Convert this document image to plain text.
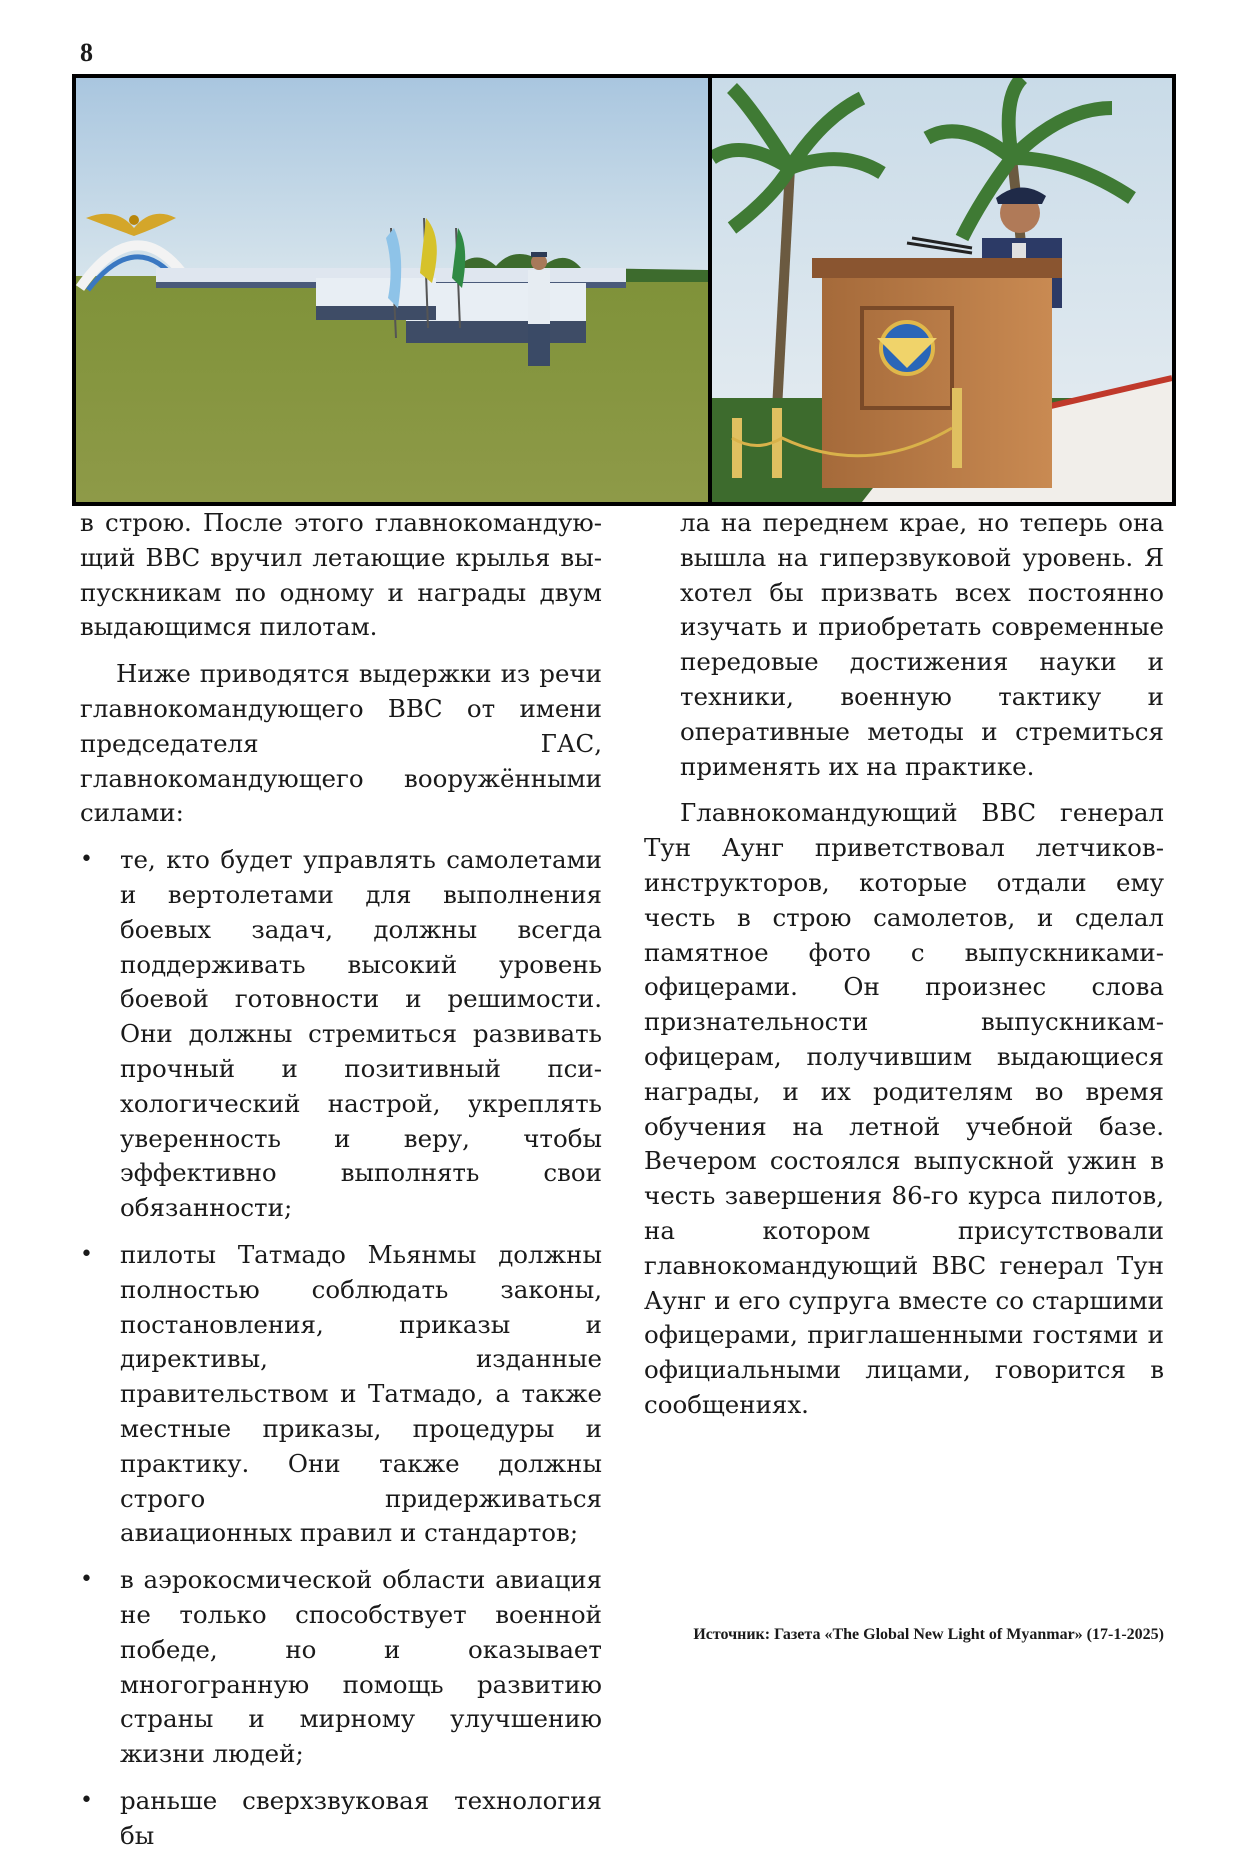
8

в строю. После этого главнокомандующий ВВС вручил летающие крылья выпускникам по одному и награды двум выдающимся пилотам.

Ниже приводятся выдержки из речи главнокомандующего ВВС от имени председателя ГАС, главнокомандующего вооружёнными силами:

• те, кто будет управлять самолетами и вертолетами для выполнения боевых задач, должны всегда поддерживать высокий уровень боевой готовности и решимости. Они должны стремиться развивать прочный и позитивный психологический настрой, укреплять уверенность и веру, чтобы эффективно выполнять свои обязанности;
• пилоты Татмадо Мьянмы должны полностью соблюдать законы, постановления, приказы и директивы, изданные правительством и Татмадо, а также местные приказы, процедуры и практику. Они также должны строго придерживаться авиационных правил и стандартов;
• в аэрокосмической области авиация не только способствует военной победе, но и оказывает многогранную помощь развитию страны и мирному улучшению жизни людей;
• раньше сверхзвуковая технология бы

ла на переднем крае, но теперь она вышла на гиперзвуковой уровень. Я хотел бы призвать всех постоянно изучать и приобретать современные передовые достижения науки и техники, военную тактику и оперативные методы и стремиться применять их на практике.

Главнокомандующий ВВС генерал Тун Аунг приветствовал летчиков-инструкторов, которые отдали ему честь в строю самолетов, и сделал памятное фото с выпускниками-офицерами. Он произнес слова признательности выпускникам-офицерам, получившим выдающиеся награды, и их родителям во время обучения на летной учебной базе. Вечером состоялся выпускной ужин в честь завершения 86-го курса пилотов, на котором присутствовали главнокомандующий ВВС генерал Тун Аунг и его супруга вместе со старшими офицерами, приглашенными гостями и официальными лицами, говорится в сообщениях.

Источник: Газета «The Global New Light of Myanmar» (17-1-2025)
